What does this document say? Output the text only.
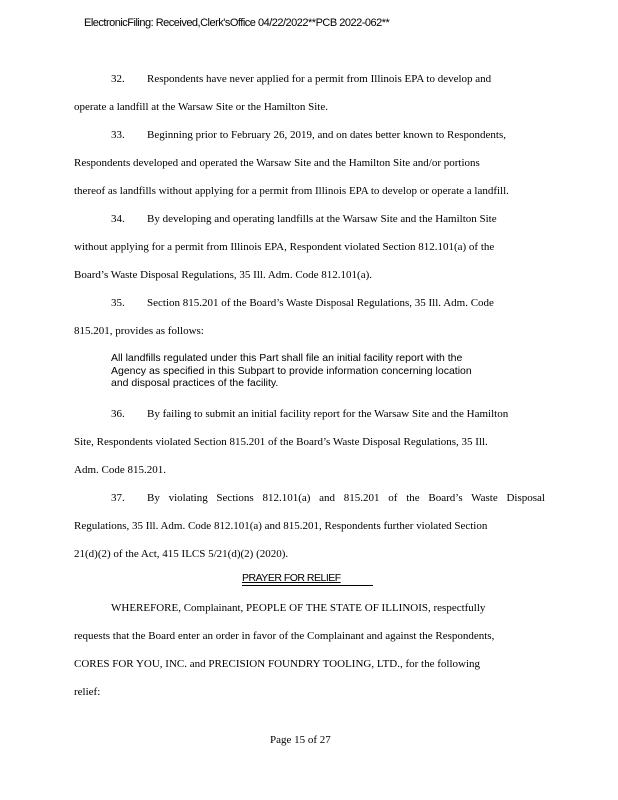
ElectronicFiling: Received,Clerk'sOffice 04/22/2022**PCB 2022-062**
32. Respondents have never applied for a permit from Illinois EPA to develop and
operate a landfill at the Warsaw Site or the Hamilton Site.
33. Beginning prior to February 26, 2019, and on dates better known to Respondents,
Respondents developed and operated the Warsaw Site and the Hamilton Site and/or portions
thereof as landfills without applying for a permit from Illinois EPA to develop or operate a landfill.
34. By developing and operating landfills at the Warsaw Site and the Hamilton Site
without applying for a permit from Illinois EPA, Respondent violated Section 812.101(a) of the
Board’s Waste Disposal Regulations, 35 Ill. Adm. Code 812.101(a).
35. Section 815.201 of the Board’s Waste Disposal Regulations, 35 Ill. Adm. Code
815.201, provides as follows:
All landfills regulated under this Part shall file an initial facility report with the
Agency as specified in this Subpart to provide information concerning location
and disposal practices of the facility.
36. By failing to submit an initial facility report for the Warsaw Site and the Hamilton
Site, Respondents violated Section 815.201 of the Board’s Waste Disposal Regulations, 35 Ill.
Adm. Code 815.201.
37. By violating Sections 812.101(a) and 815.201 of the Board’s Waste Disposal
Regulations, 35 Ill. Adm. Code 812.101(a) and 815.201, Respondents further violated Section
21(d)(2) of the Act, 415 ILCS 5/21(d)(2) (2020).
PRAYER FOR RELIEF
WHEREFORE, Complainant, PEOPLE OF THE STATE OF ILLINOIS, respectfully
requests that the Board enter an order in favor of the Complainant and against the Respondents,
CORES FOR YOU, INC. and PRECISION FOUNDRY TOOLING, LTD., for the following
relief:
Page 15 of 27
